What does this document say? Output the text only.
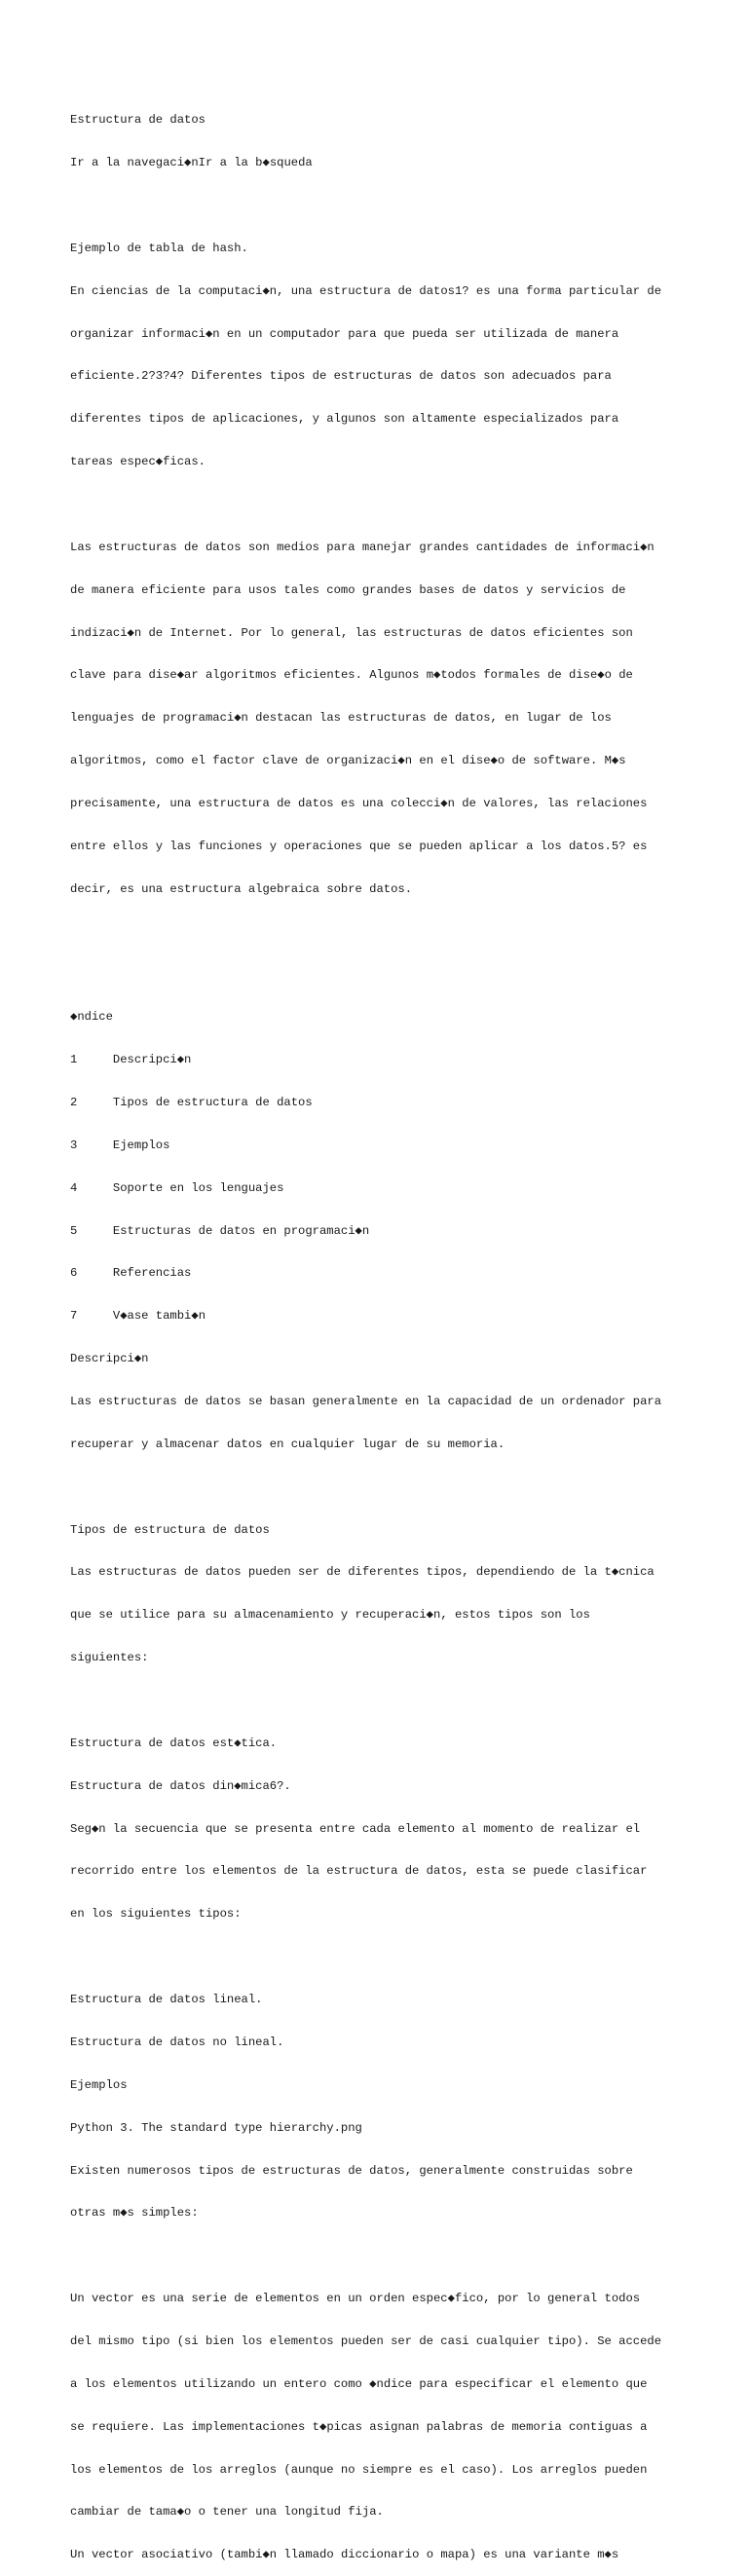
Estructura de datos

Ir a la navegaci◆nIr a la b◆squeda

Ejemplo de tabla de hash.

En ciencias de la computaci◆n, una estructura de datos1? es una forma particular de

organizar informaci◆n en un computador para que pueda ser utilizada de manera

eficiente.2?3?4? Diferentes tipos de estructuras de datos son adecuados para

diferentes tipos de aplicaciones, y algunos son altamente especializados para

tareas espec◆ficas.

Las estructuras de datos son medios para manejar grandes cantidades de informaci◆n

de manera eficiente para usos tales como grandes bases de datos y servicios de

indizaci◆n de Internet. Por lo general, las estructuras de datos eficientes son

clave para dise◆ar algoritmos eficientes. Algunos m◆todos formales de dise◆o de

lenguajes de programaci◆n destacan las estructuras de datos, en lugar de los

algoritmos, como el factor clave de organizaci◆n en el dise◆o de software. M◆s

precisamente, una estructura de datos es una colecci◆n de valores, las relaciones

entre ellos y las funciones y operaciones que se pueden aplicar a los datos.5? es

decir, es una estructura algebraica sobre datos.

◆ndice

1     Descripci◆n

2     Tipos de estructura de datos

3     Ejemplos

4     Soporte en los lenguajes

5     Estructuras de datos en programaci◆n

6     Referencias

7     V◆ase tambi◆n

Descripci◆n

Las estructuras de datos se basan generalmente en la capacidad de un ordenador para

recuperar y almacenar datos en cualquier lugar de su memoria.

Tipos de estructura de datos

Las estructuras de datos pueden ser de diferentes tipos, dependiendo de la t◆cnica

que se utilice para su almacenamiento y recuperaci◆n, estos tipos son los

siguientes:

Estructura de datos est◆tica.

Estructura de datos din◆mica6?.

Seg◆n la secuencia que se presenta entre cada elemento al momento de realizar el

recorrido entre los elementos de la estructura de datos, esta se puede clasificar

en los siguientes tipos:

Estructura de datos lineal.

Estructura de datos no lineal.

Ejemplos

Python 3. The standard type hierarchy.png

Existen numerosos tipos de estructuras de datos, generalmente construidas sobre

otras m◆s simples:

Un vector es una serie de elementos en un orden espec◆fico, por lo general todos

del mismo tipo (si bien los elementos pueden ser de casi cualquier tipo). Se accede

a los elementos utilizando un entero como ◆ndice para especificar el elemento que

se requiere. Las implementaciones t◆picas asignan palabras de memoria contiguas a

los elementos de los arreglos (aunque no siempre es el caso). Los arreglos pueden

cambiar de tama◆o o tener una longitud fija.

Un vector asociativo (tambi◆n llamado diccionario o mapa) es una variante m◆s
